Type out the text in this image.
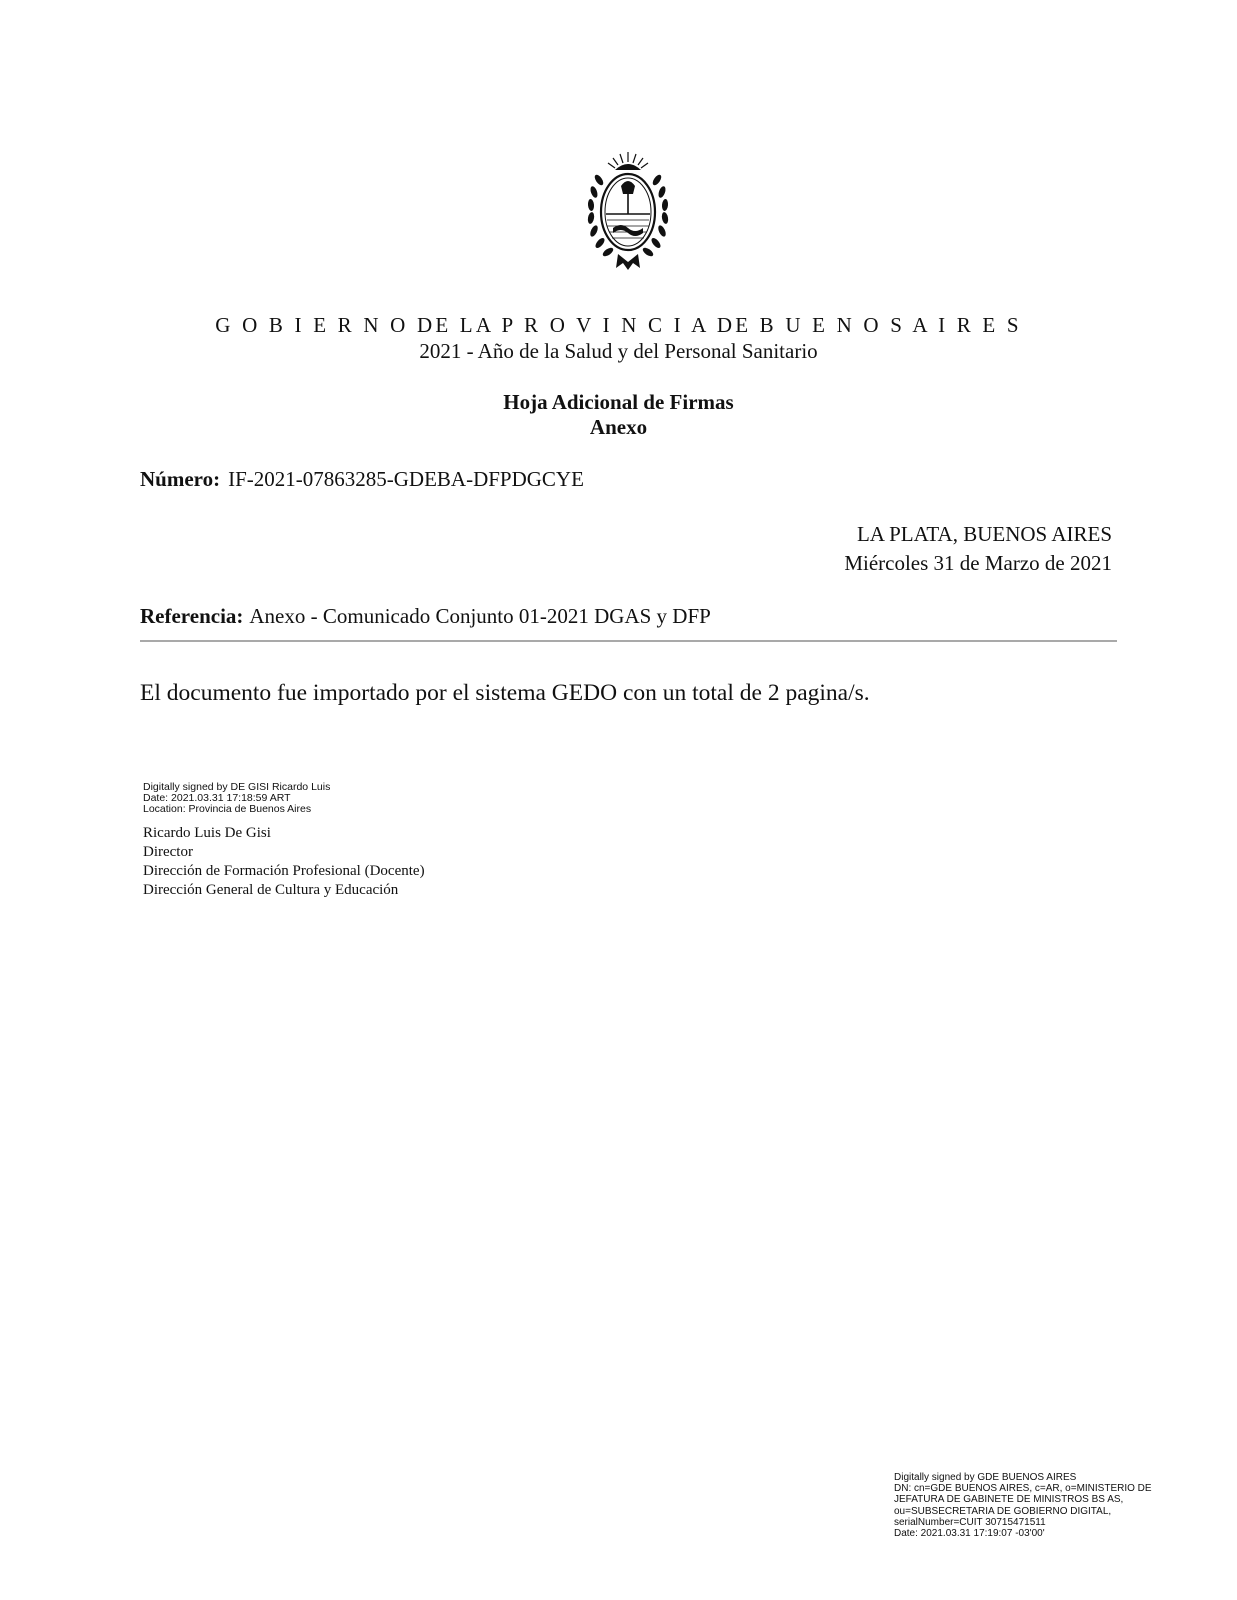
G O B I E R N O DE LA P R O V I N C I A DE B U E N O S A I R E S
2021 - Año de la Salud y del Personal Sanitario
Hoja Adicional de Firmas
Anexo
Número: IF-2021-07863285-GDEBA-DFPDGCYE
LA PLATA, BUENOS AIRES
Miércoles 31 de Marzo de 2021
Referencia: Anexo - Comunicado Conjunto 01-2021 DGAS y DFP
El documento fue importado por el sistema GEDO con un total de 2 pagina/s.
Digitally signed by DE GISI Ricardo Luis
Date: 2021.03.31 17:18:59 ART
Location: Provincia de Buenos Aires
Ricardo Luis De Gisi
Director
Dirección de Formación Profesional (Docente)
Dirección General de Cultura y Educación
Digitally signed by GDE BUENOS AIRES
DN: cn=GDE BUENOS AIRES, c=AR, o=MINISTERIO DE
JEFATURA DE GABINETE DE MINISTROS BS AS,
ou=SUBSECRETARIA DE GOBIERNO DIGITAL,
serialNumber=CUIT 30715471511
Date: 2021.03.31 17:19:07 -03'00'
